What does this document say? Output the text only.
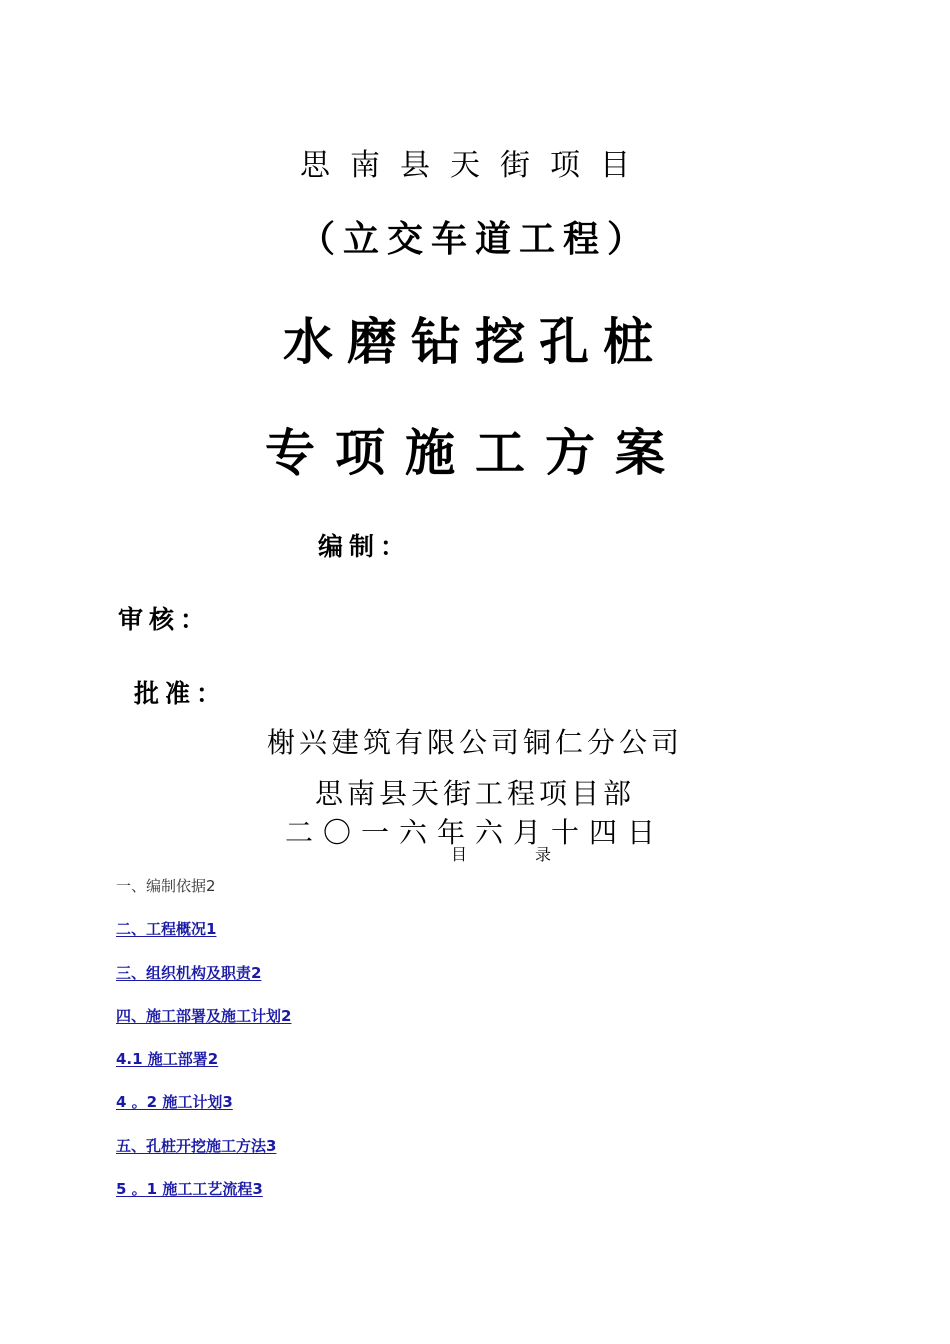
思南县天街项目
（立交车道工程）
水磨钻挖孔桩
专项施工方案
编制：
审核：
批准：
榭兴建筑有限公司铜仁分公司
思南县天街工程项目部
二〇一六年六月十四日
目录
一、编制依据2
二、工程概况1
三、组织机构及职责2
四、施工部署及施工计划2
4.1 施工部署2
4 。2 施工计划3
五、孔桩开挖施工方法3
5 。1 施工工艺流程3
